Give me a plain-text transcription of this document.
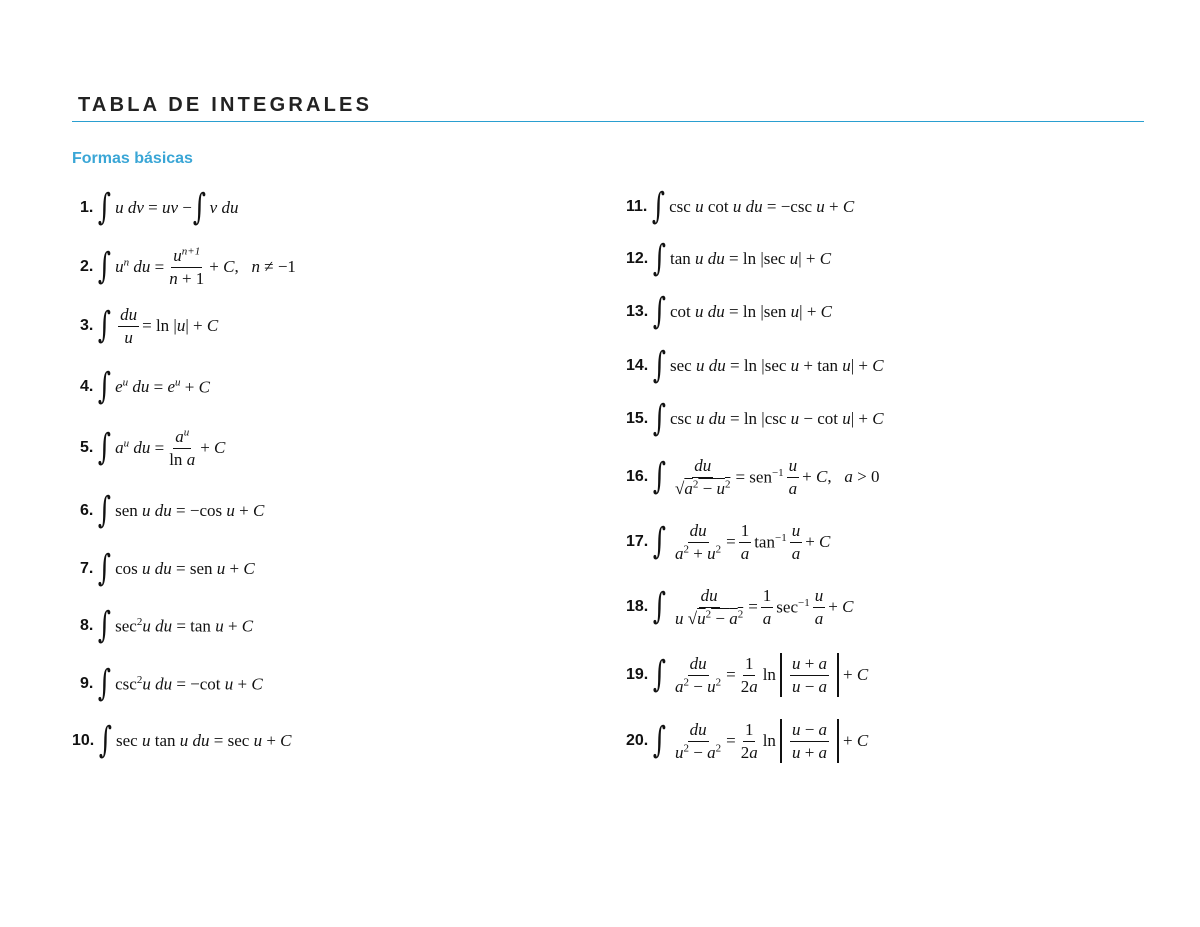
TABLA DE INTEGRALES
Formas básicas
1. ∫ u dv = uv − ∫ v du
2. ∫ $u^n$ du = $\frac{u^{n+1}}{n + 1} + C$,   n ≠ −1
3. ∫ $\frac{du}{u} = \ln |u| + C$
4. ∫ $e^u$ du = $e^u + C$
5. ∫ $a^u$ du = $\frac{a^u}{\text{ln a}} + C$
6. ∫ sen u du = −cos u + C
7. ∫ cos u du = sen u + C
8. ∫ $\sec^2u$ du = tan u + C
9. ∫ $\csc^2u$ du = −cot u + C
10. ∫ sec u tan u du = sec u + C
11. ∫ csc u cot u du = −csc u + C
12. ∫ tan u du = ln |sec u| + C
13. ∫ cot u du = ln |sen u| + C
14. ∫ sec u du = ln |sec u + tan u| + C
15. ∫ csc u du = ln |csc u − cot u| + C
16. ∫ $\frac{du}{√a^2 - u^2} = sen^{-1} \frac{u}{a} + C$,   a > 0
17. ∫ $\frac{du}{a^2 + u^2} = \frac{1}{a} \tan^{-1} \frac{u}{a} + C$
18. ∫ $\frac{du}{u √u^2 - a^2} = \frac{1}{a} \sec^{-1} \frac{u}{a} + C$
19. ∫ $\frac{du}{a^2 - u^2} = \frac{1}{2a}$ $\ln \frac{u + a}{u - a} + C$
20. ∫ $\frac{du}{u^2 - a^2} = \frac{1}{2a}$ $\ln \frac{u - a}{u + a} + C$
